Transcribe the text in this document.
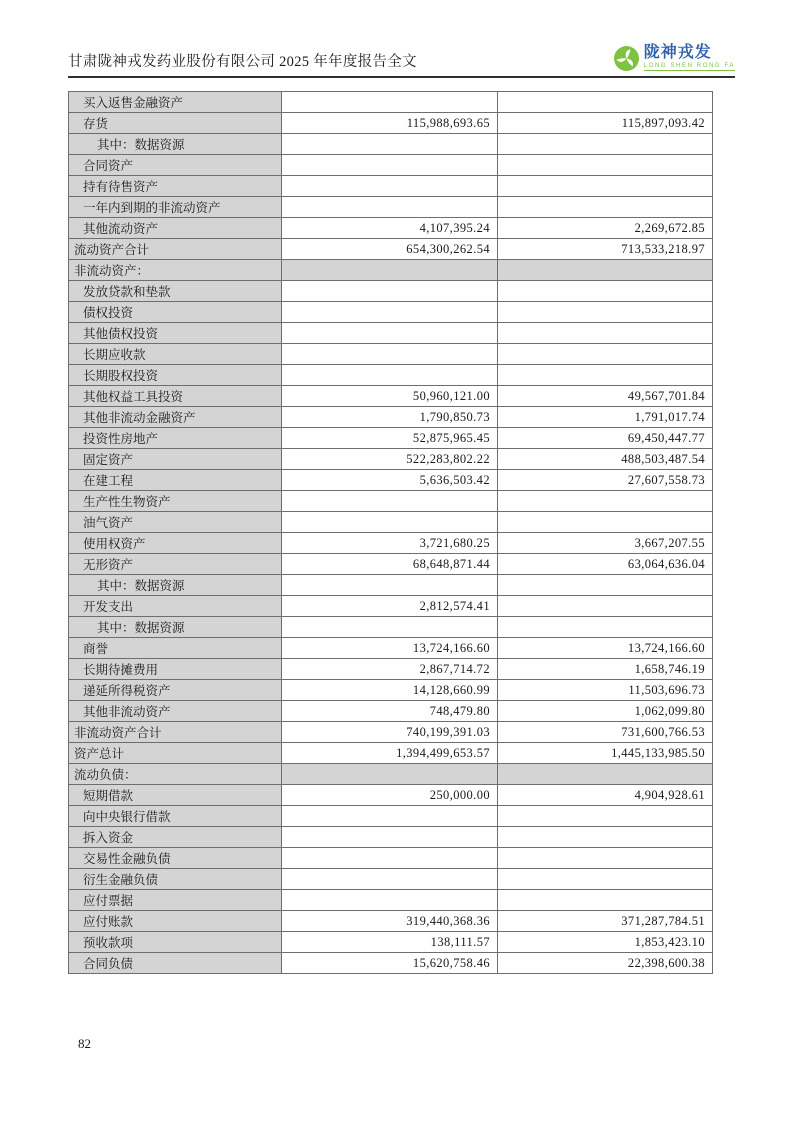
甘肃陇神戎发药业股份有限公司 2025 年年度报告全文
陇神戎发
LONG SHEN RONG FA
买入返售金融资产		
存货	115,988,693.65	115,897,093.42
其中：数据资源		
合同资产		
持有待售资产		
一年内到期的非流动资产		
其他流动资产	4,107,395.24	2,269,672.85
流动资产合计	654,300,262.54	713,533,218.97
非流动资产：		
发放贷款和垫款		
债权投资		
其他债权投资		
长期应收款		
长期股权投资		
其他权益工具投资	50,960,121.00	49,567,701.84
其他非流动金融资产	1,790,850.73	1,791,017.74
投资性房地产	52,875,965.45	69,450,447.77
固定资产	522,283,802.22	488,503,487.54
在建工程	5,636,503.42	27,607,558.73
生产性生物资产		
油气资产		
使用权资产	3,721,680.25	3,667,207.55
无形资产	68,648,871.44	63,064,636.04
其中：数据资源		
开发支出	2,812,574.41	
其中：数据资源		
商誉	13,724,166.60	13,724,166.60
长期待摊费用	2,867,714.72	1,658,746.19
递延所得税资产	14,128,660.99	11,503,696.73
其他非流动资产	748,479.80	1,062,099.80
非流动资产合计	740,199,391.03	731,600,766.53
资产总计	1,394,499,653.57	1,445,133,985.50
流动负债：		
短期借款	250,000.00	4,904,928.61
向中央银行借款		
拆入资金		
交易性金融负债		
衍生金融负债		
应付票据		
应付账款	319,440,368.36	371,287,784.51
预收款项	138,111.57	1,853,423.10
合同负债	15,620,758.46	22,398,600.38
82
